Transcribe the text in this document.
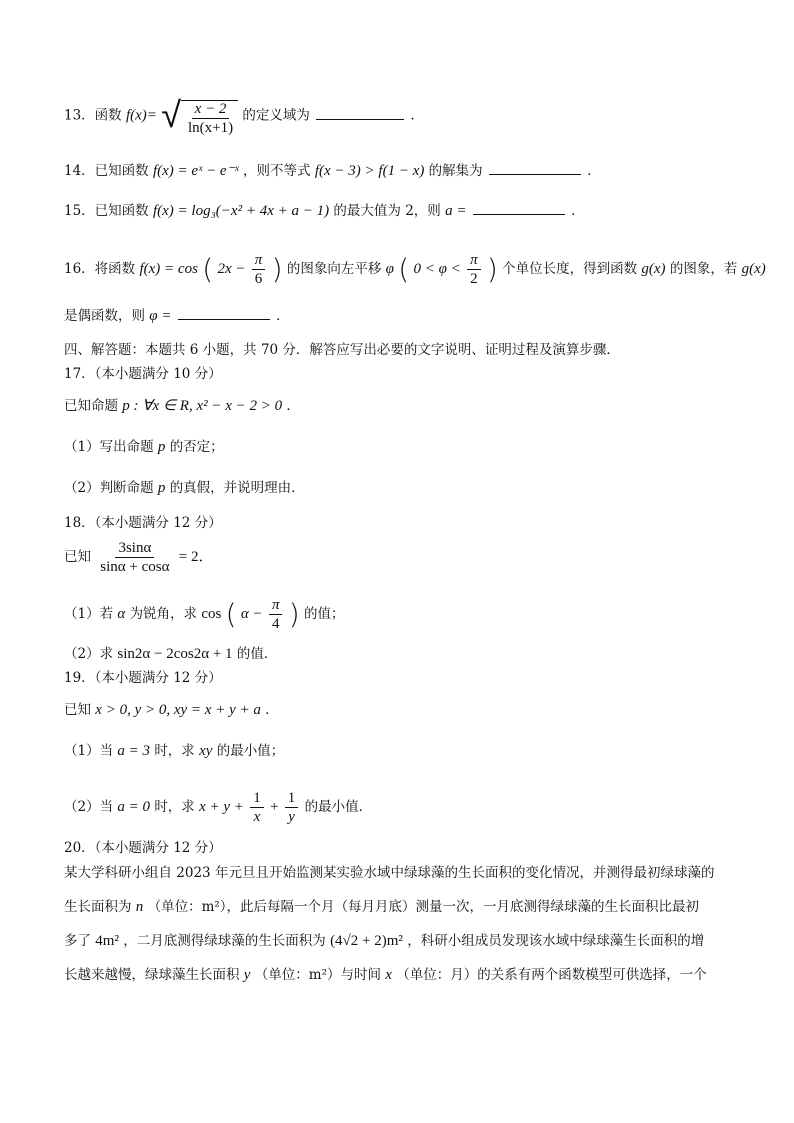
13．函数 f(x)= √ $\frac{x - 2}{\ln(x+1)}$ 的定义域为	．
14．已知函数 f(x) = eˣ − e⁻ˣ ，则不等式 f(x − 3) > f(1 − x) 的解集为	．
15．已知函数 f(x) = log₃(−x² + 4x + a − 1) 的最大值为 2，则 a =	．
16．将函数 f(x) = cos ( $2x - \frac{\pi}{6}$ ) 的图象向左平移 φ ( $0 < \varphi < \frac{\pi}{2}$ ) 个单位长度，得到函数 g(x) 的图象，若 g(x)
是偶函数，则 φ =	．
四、解答题：本题共 6 小题，共 70 分．解答应写出必要的文字说明、证明过程及演算步骤．
17．（本小题满分 10 分）
已知命题 p : ∀x ∈ R, x² − x − 2 > 0 ．
（1）写出命题 p 的否定；
（2）判断命题 p 的真假，并说明理由．
18．（本小题满分 12 分）
已知 $\frac{3\sin\alpha}{\sin\alpha + \cos\alpha} = 2$．
（1）若 α 为锐角，求 cos ( $\alpha - \frac{\pi}{4}$ ) 的值；
（2）求 sin2α − 2cos2α + 1 的值．
19．（本小题满分 12 分）
已知 x > 0, y > 0, xy = x + y + a ．
（1）当 a = 3 时，求 xy 的最小值；
（2）当 a = 0 时，求 $x + y + \frac{1}{x} + \frac{1}{y}$ 的最小值．
20．（本小题满分 12 分）
某大学科研小组自 2023 年元旦且开始监测某实验水域中绿球藻的生长面积的变化情况，并测得最初绿球藻的
生长面积为 n （单位：m²），此后每隔一个月（每月月底）测量一次，一月底测得绿球藻的生长面积比最初
多了 4m² ，二月底测得绿球藻的生长面积为 (4√2 + 2)m² ，科研小组成员发现该水域中绿球藻生长面积的增
长越来越慢，绿球藻生长面积 y （单位：m²）与时间 x （单位：月）的关系有两个函数模型可供选择，一个
